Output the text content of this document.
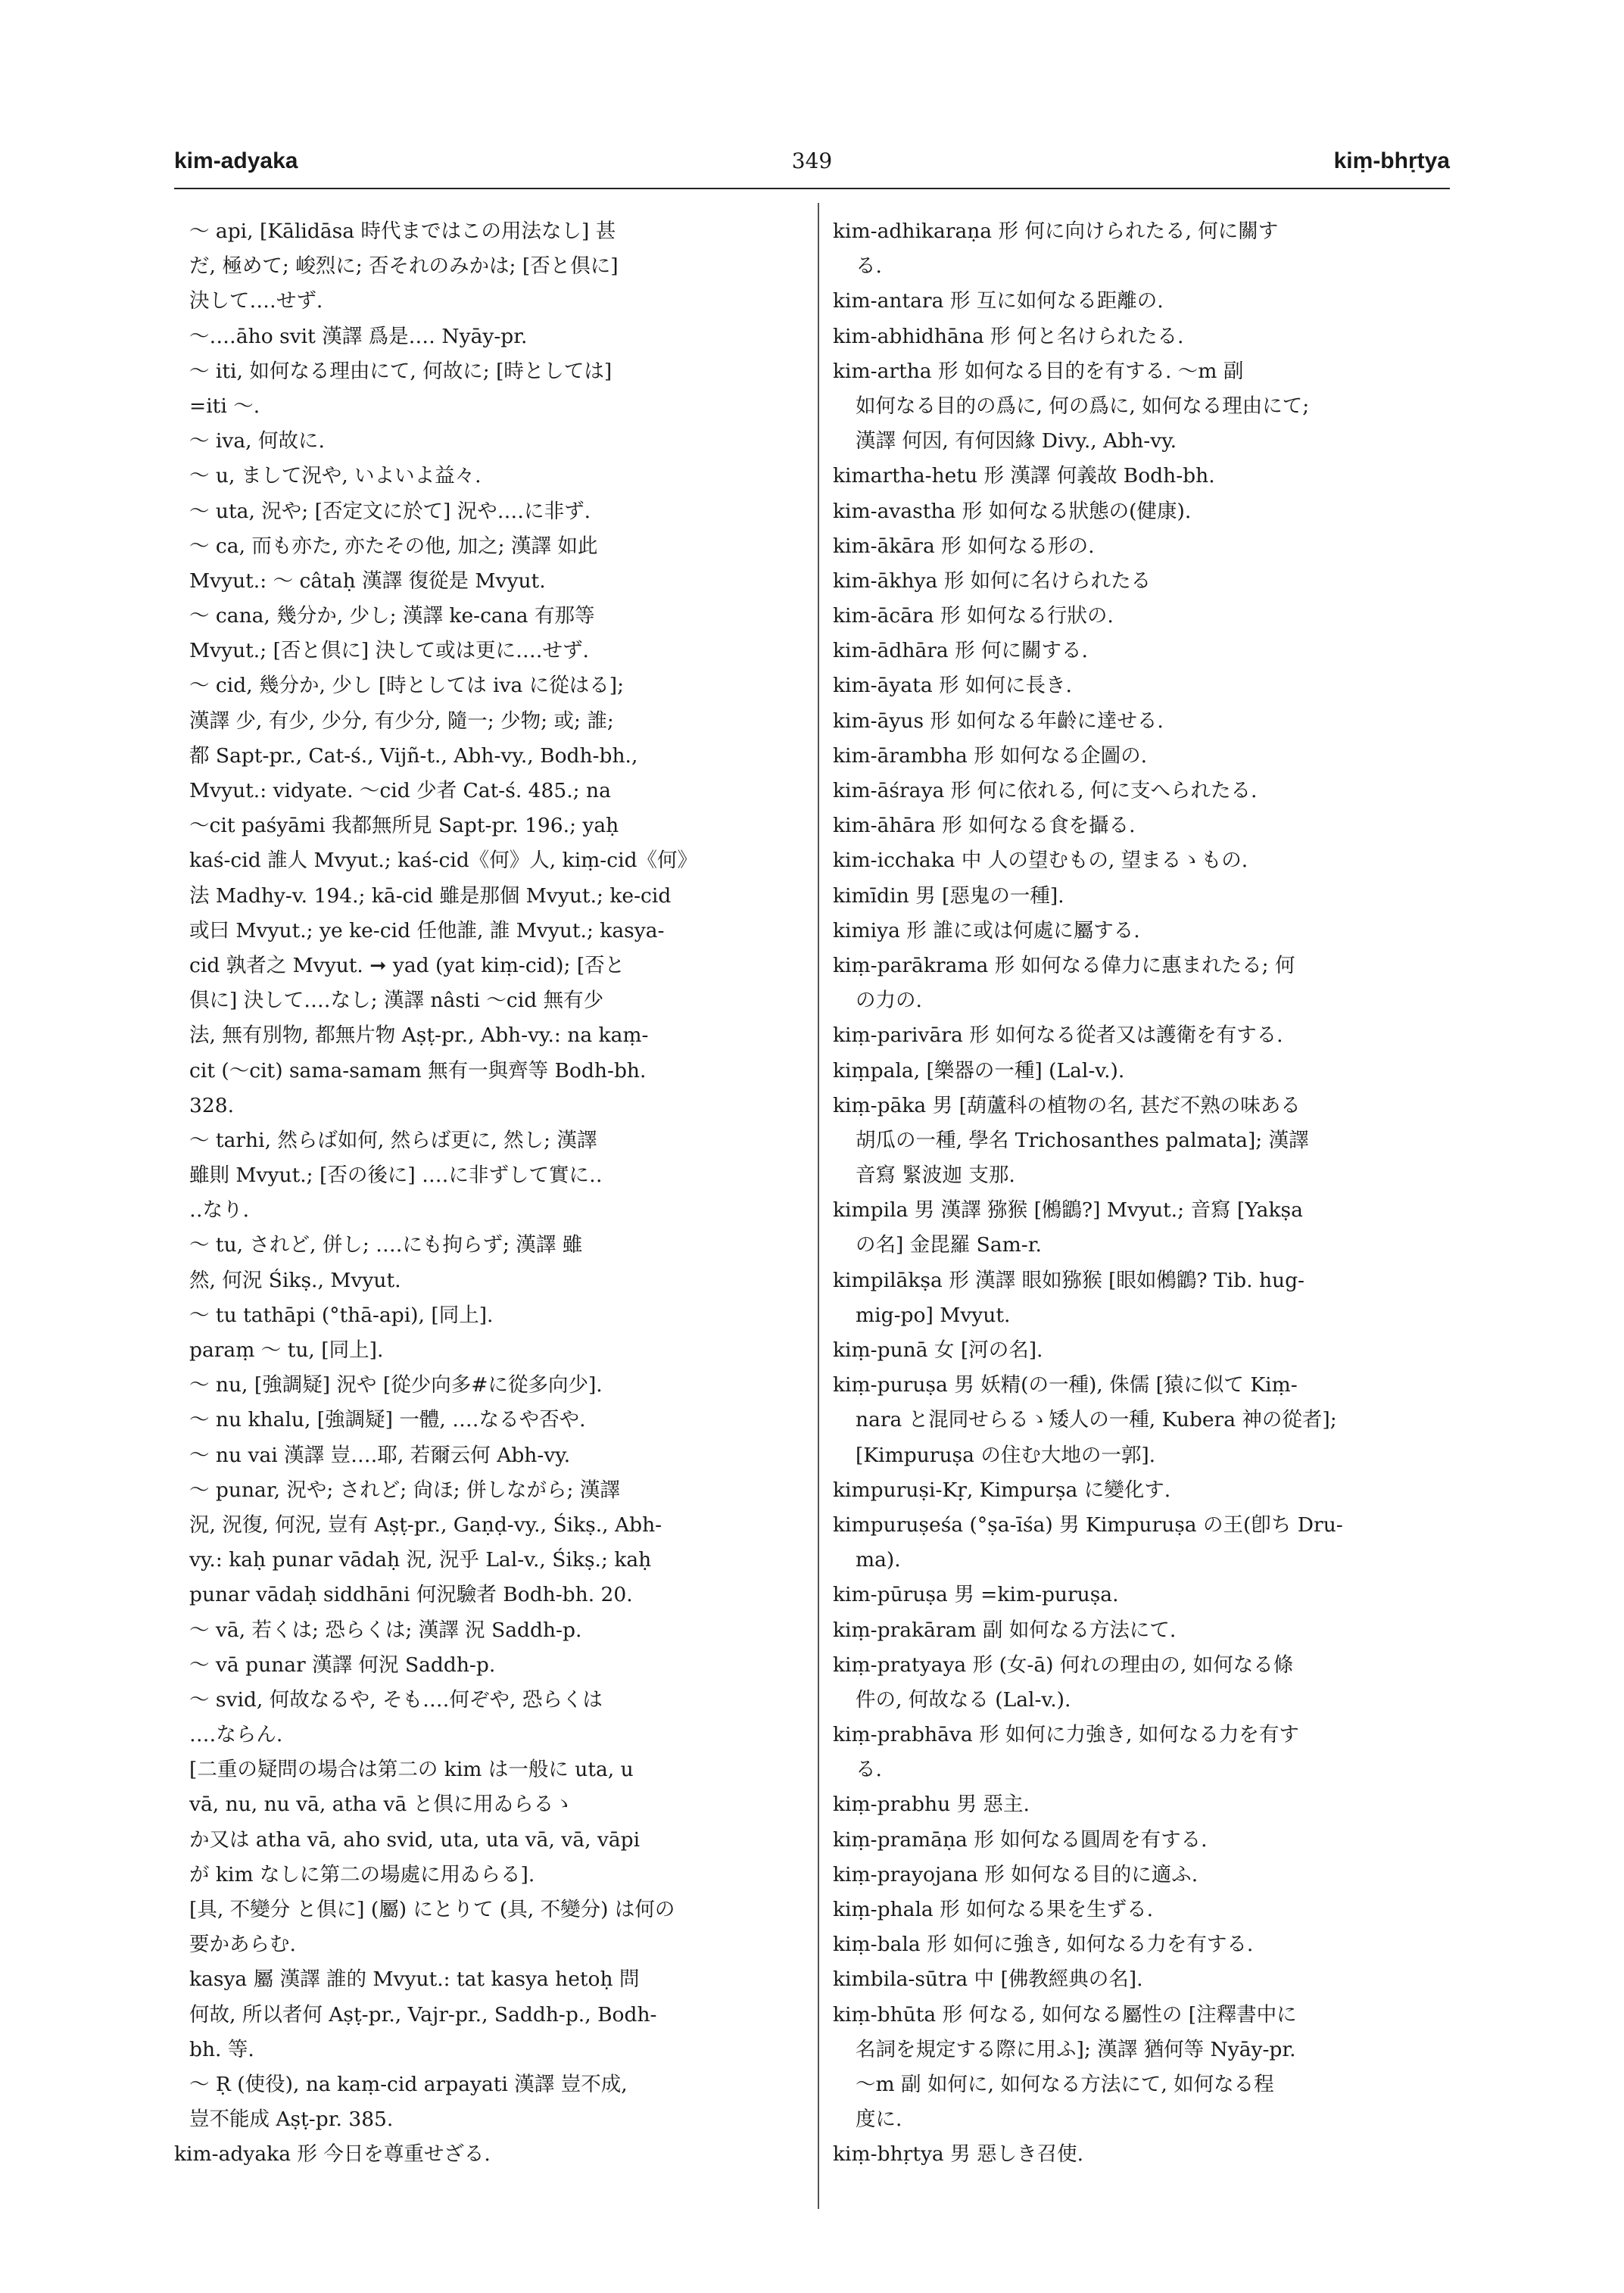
kim-adyaka	349	kiṃ-bhṛtya
～ api, [Kālidāsa 時代まではこの用法なし] 甚
だ, 極めて; 峻烈に; 否それのみかは; [否と倶に]
決して‥‥せず.
～‥‥āho svit 漢譯 爲是‥‥ Nyāy-pr.
～ iti, 如何なる理由にて, 何故に; [時としては]
=iti ～.
～ iva, 何故に.
～ u, まして況や, いよいよ益々.
～ uta, 況や; [否定文に於て] 況や‥‥に非ず.
～ ca, 而も亦た, 亦たその他, 加之; 漢譯 如此
Mvyut.: ～ câtaḥ 漢譯 復從是 Mvyut.
～ cana, 幾分か, 少し; 漢譯 ke-cana 有那等
Mvyut.; [否と倶に] 決して或は更に‥‥せず.
～ cid, 幾分か, 少し [時としては iva に從はる];
漢譯 少, 有少, 少分, 有少分, 隨一; 少物; 或; 誰;
都 Sapt-pr., Cat-ś., Vijñ-t., Abh-vy., Bodh-bh.,
Mvyut.: vidyate. ～cid 少者 Cat-ś. 485.; na
～cit paśyāmi 我都無所見 Sapt-pr. 196.; yaḥ
kaś-cid 誰人 Mvyut.; kaś-cid《何》人, kiṃ-cid《何》
法 Madhy-v. 194.; kā-cid 雖是那個 Mvyut.; ke-cid
或曰 Mvyut.; ye ke-cid 任他誰, 誰 Mvyut.; kasya-
cid 孰者之 Mvyut. ➞ yad (yat kiṃ-cid); [否と
倶に] 決して‥‥なし; 漢譯 nâsti ～cid 無有少
法, 無有別物, 都無片物 Aṣṭ-pr., Abh-vy.: na kaṃ-
cit (～cit) sama-samam 無有一與齊等 Bodh-bh.
328.
～ tarhi, 然らば如何, 然らば更に, 然し; 漢譯
雖則 Mvyut.; [否の後に] ‥‥に非ずして實に‥
‥なり.
～ tu, されど, 併し; ‥‥にも拘らず; 漢譯 雖
然, 何況 Śikṣ., Mvyut.
～ tu tathāpi (°thā-api), [同上].
paraṃ ～ tu, [同上].
～ nu, [強調疑] 況や [從少向多#に從多向少].
～ nu khalu, [強調疑] 一體, ‥‥なるや否や.
～ nu vai 漢譯 豈‥‥耶, 若爾云何 Abh-vy.
～ punar, 況や; されど; 尙ほ; 併しながら; 漢譯
況, 況復, 何況, 豈有 Aṣṭ-pr., Gaṇḍ-vy., Śikṣ., Abh-
vy.: kaḥ punar vādaḥ 況, 況乎 Lal-v., Śikṣ.; kaḥ
punar vādaḥ siddhāni 何況驗者 Bodh-bh. 20.
～ vā, 若くは; 恐らくは; 漢譯 況 Saddh-p.
～ vā punar 漢譯 何況 Saddh-p.
～ svid, 何故なるや, そも‥‥何ぞや, 恐らくは
‥‥ならん.
[二重の疑問の場合は第二の kim は一般に uta, u
vā, nu, nu vā, atha vā と倶に用ゐらるゝ
か又は atha vā, aho svid, uta, uta vā, vā, vāpi
が kim なしに第二の場處に用ゐらる].
[具, 不變分 と倶に] (屬) にとりて (具, 不變分) は何の
要かあらむ.
kasya 屬 漢譯 誰的 Mvyut.: tat kasya hetoḥ 問
何故, 所以者何 Aṣṭ-pr., Vajr-pr., Saddh-p., Bodh-
bh. 等.
～ Ṛ (使役), na kaṃ-cid arpayati 漢譯 豈不成,
豈不能成 Aṣṭ-pr. 385.
kim-adyaka 形 今日を尊重せざる.
kim-adhikaraṇa 形 何に向けられたる, 何に關す
る.
kim-antara 形 互に如何なる距離の.
kim-abhidhāna 形 何と名けられたる.
kim-artha 形 如何なる目的を有する. ～m 副
如何なる目的の爲に, 何の爲に, 如何なる理由にて;
漢譯 何因, 有何因緣 Divy., Abh-vy.
kimartha-hetu 形 漢譯 何義故 Bodh-bh.
kim-avastha 形 如何なる狀態の(健康).
kim-ākāra 形 如何なる形の.
kim-ākhya 形 如何に名けられたる
kim-ācāra 形 如何なる行狀の.
kim-ādhāra 形 何に關する.
kim-āyata 形 如何に長き.
kim-āyus 形 如何なる年齡に達せる.
kim-ārambha 形 如何なる企圖の.
kim-āśraya 形 何に依れる, 何に支へられたる.
kim-āhāra 形 如何なる食を攝る.
kim-icchaka 中 人の望むもの, 望まるゝもの.
kimīdin 男 [惡鬼の一種].
kimiya 形 誰に或は何處に屬する.
kiṃ-parākrama 形 如何なる偉力に惠まれたる; 何
の力の.
kiṃ-parivāra 形 如何なる從者又は護衛を有する.
kiṃpala, [樂器の一種] (Lal-v.).
kiṃ-pāka 男 [葫蘆科の植物の名, 甚だ不熟の味ある
胡瓜の一種, 學名 Trichosanthes palmata]; 漢譯
音寫 緊波迦 支那.
kimpila 男 漢譯 猕猴 [鵂鶹?] Mvyut.; 音寫 [Yakṣa
の名] 金毘羅 Sam-r.
kimpilākṣa 形 漢譯 眼如猕猴 [眼如鵂鶹? Tib. hug-
mig-po] Mvyut.
kiṃ-punā 女 [河の名].
kiṃ-puruṣa 男 妖精(の一種), 侏儒 [猿に似て Kiṃ-
nara と混同せらるゝ矮人の一種, Kubera 神の從者];
[Kimpuruṣa の住む大地の一郭].
kimpuruṣi-Kṛ, Kimpurṣa に變化す.
kimpuruṣeśa (°ṣa-īśa) 男 Kimpuruṣa の王(卽ち Dru-
ma).
kim-pūruṣa 男 =kim-puruṣa.
kiṃ-prakāram 副 如何なる方法にて.
kiṃ-pratyaya 形 (女-ā) 何れの理由の, 如何なる條
件の, 何故なる (Lal-v.).
kiṃ-prabhāva 形 如何に力強き, 如何なる力を有す
る.
kiṃ-prabhu 男 惡主.
kiṃ-pramāṇa 形 如何なる圓周を有する.
kiṃ-prayojana 形 如何なる目的に適ふ.
kiṃ-phala 形 如何なる果を生ずる.
kiṃ-bala 形 如何に強き, 如何なる力を有する.
kimbila-sūtra 中 [佛教經典の名].
kiṃ-bhūta 形 何なる, 如何なる屬性の [注釋書中に
名詞を規定する際に用ふ]; 漢譯 猶何等 Nyāy-pr.
～m 副 如何に, 如何なる方法にて, 如何なる程
度に.
kiṃ-bhṛtya 男 惡しき召使.
